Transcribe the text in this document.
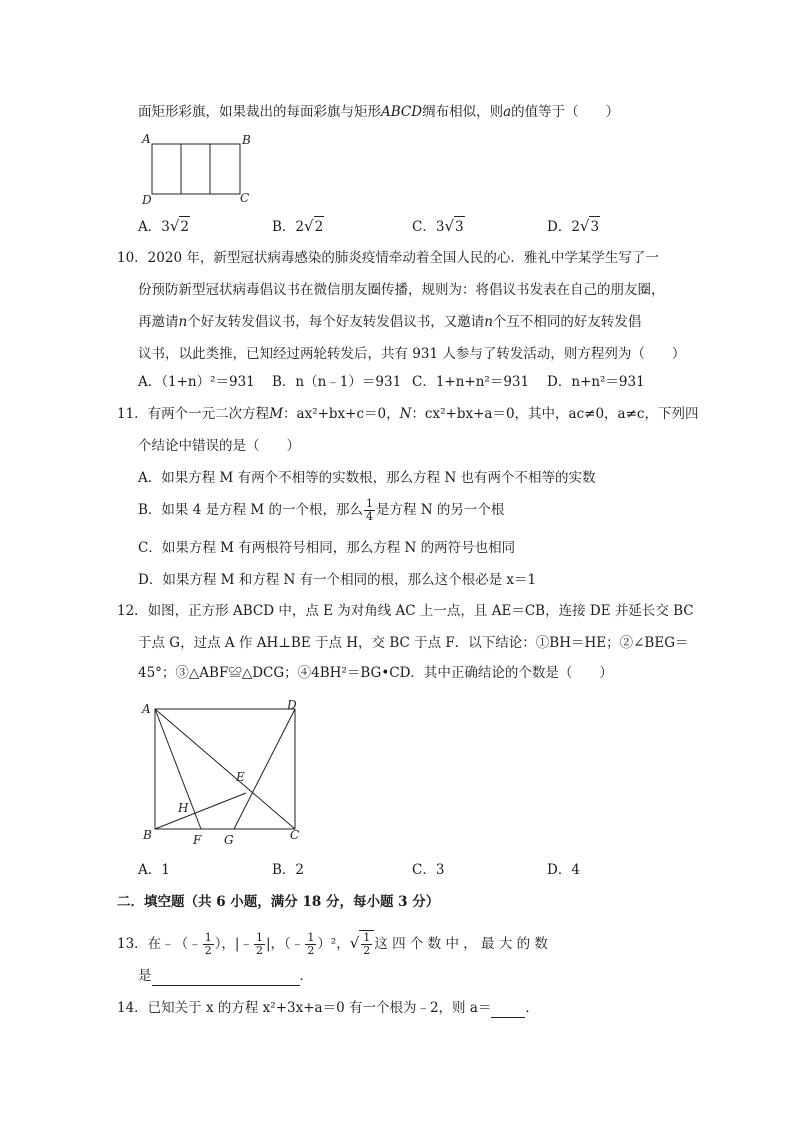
面矩形彩旗，如果裁出的每面彩旗与矩形ABCD绸布相似，则a的值等于（　　）
A	B
C
D
A．3√2	B．2√2	C．3√3	D．2√3
10．2020 年，新型冠状病毒感染的肺炎疫情牵动着全国人民的心．雅礼中学某学生写了一
份预防新型冠状病毒倡议书在微信朋友圈传播，规则为：将倡议书发表在自己的朋友圈，
再邀请n个好友转发倡议书，每个好友转发倡议书，又邀请n个互不相同的好友转发倡
议书，以此类推，已知经过两轮转发后，共有 931 人参与了转发活动，则方程列为（　　）
A．（1+n）²＝931 B．n（n﹣1）＝931 C．1+n+n²＝931 D．n+n²＝931
11．有两个一元二次方程M：ax²+bx+c＝0，N：cx²+bx+a＝0，其中，ac≠0，a≠c，下列四
个结论中错误的是（　　）
A．如果方程 M 有两个不相等的实数根，那么方程 N 也有两个不相等的实数
B．如果 4 是方程 M 的一个根，那么 $\frac{1}{4}$ 是方程 N 的另一个根
C．如果方程 M 有两根符号相同，那么方程 N 的两符号也相同
D．如果方程 M 和方程 N 有一个相同的根，那么这个根必是 x＝1
12．如图，正方形 ABCD 中，点 E 为对角线 AC 上一点，且 AE＝CB，连接 DE 并延长交 BC
于点 G，过点 A 作 AH⊥BE 于点 H，交 BC 于点 F．以下结论：①BH＝HE；②∠BEG＝
45°；③△ABF≌△DCG；④4BH²＝BG•CD．其中正确结论的个数是（　　）
A	D
E
H
B	F G	C
A．1	B．2	C．3	D．4
二．填空题（共 6 小题，满分 18 分，每小题 3 分）
13．在﹣（﹣ $\frac{1}{2}$ ），|﹣ $\frac{1}{2}$ |，（﹣ $\frac{1}{2} )^2$，√ $\frac{1}{2}$ 这 四 个 数 中 ， 最 大 的 数
是	．
14．已知关于 x 的方程 x²+3x+a＝0 有一个根为﹣2，则 a＝	．
